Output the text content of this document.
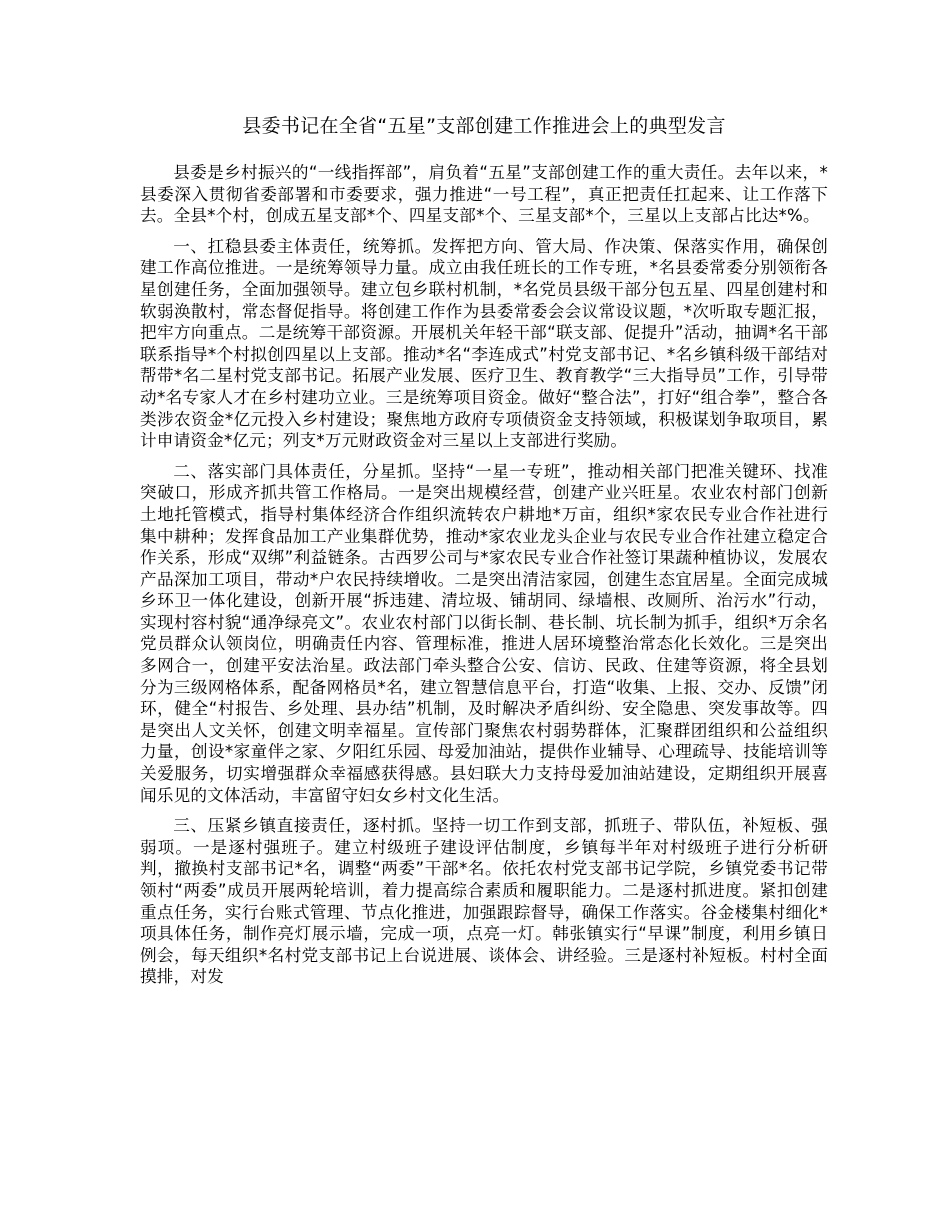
县委书记在全省“五星”支部创建工作推进会上的典型发言

县委是乡村振兴的“一线指挥部”，肩负着“五星”支部创建工作的重大责任。去年以来，*县委深入贯彻省委部署和市委要求，强力推进“一号工程”，真正把责任扛起来、让工作落下去。全县*个村，创成五星支部*个、四星支部*个、三星支部*个，三星以上支部占比达*%。

一、扛稳县委主体责任，统筹抓。发挥把方向、管大局、作决策、保落实作用，确保创建工作高位推进。一是统筹领导力量。成立由我任班长的工作专班，*名县委常委分别领衔各星创建任务，全面加强领导。建立包乡联村机制，*名党员县级干部分包五星、四星创建村和软弱涣散村，常态督促指导。将创建工作作为县委常委会会议常设议题，*次听取专题汇报，把牢方向重点。二是统筹干部资源。开展机关年轻干部“联支部、促提升”活动，抽调*名干部联系指导*个村拟创四星以上支部。推动*名“李连成式”村党支部书记、*名乡镇科级干部结对帮带*名二星村党支部书记。拓展产业发展、医疗卫生、教育教学“三大指导员”工作，引导带动*名专家人才在乡村建功立业。三是统筹项目资金。做好“整合法”，打好“组合拳”，整合各类涉农资金*亿元投入乡村建设；聚焦地方政府专项债资金支持领域，积极谋划争取项目，累计申请资金*亿元；列支*万元财政资金对三星以上支部进行奖励。

二、落实部门具体责任，分星抓。坚持“一星一专班”，推动相关部门把准关键环、找准突破口，形成齐抓共管工作格局。一是突出规模经营，创建产业兴旺星。农业农村部门创新土地托管模式，指导村集体经济合作组织流转农户耕地*万亩，组织*家农民专业合作社进行集中耕种；发挥食品加工产业集群优势，推动*家农业龙头企业与农民专业合作社建立稳定合作关系，形成“双绑”利益链条。古西罗公司与*家农民专业合作社签订果蔬种植协议，发展农产品深加工项目，带动*户农民持续增收。二是突出清洁家园，创建生态宜居星。全面完成城乡环卫一体化建设，创新开展“拆违建、清垃圾、铺胡同、绿墙根、改厕所、治污水”行动，实现村容村貌“通净绿亮文”。农业农村部门以街长制、巷长制、坑长制为抓手，组织*万余名党员群众认领岗位，明确责任内容、管理标准，推进人居环境整治常态化长效化。三是突出多网合一，创建平安法治星。政法部门牵头整合公安、信访、民政、住建等资源，将全县划分为三级网格体系，配备网格员*名，建立智慧信息平台，打造“收集、上报、交办、反馈”闭环，健全“村报告、乡处理、县办结”机制，及时解决矛盾纠纷、安全隐患、突发事故等。四是突出人文关怀，创建文明幸福星。宣传部门聚焦农村弱势群体，汇聚群团组织和公益组织力量，创设*家童伴之家、夕阳红乐园、母爱加油站，提供作业辅导、心理疏导、技能培训等关爱服务，切实增强群众幸福感获得感。县妇联大力支持母爱加油站建设，定期组织开展喜闻乐见的文体活动，丰富留守妇女乡村文化生活。

三、压紧乡镇直接责任，逐村抓。坚持一切工作到支部，抓班子、带队伍，补短板、强弱项。一是逐村强班子。建立村级班子建设评估制度，乡镇每半年对村级班子进行分析研判，撤换村支部书记*名，调整“两委”干部*名。依托农村党支部书记学院，乡镇党委书记带领村“两委”成员开展两轮培训，着力提高综合素质和履职能力。二是逐村抓进度。紧扣创建重点任务，实行台账式管理、节点化推进，加强跟踪督导，确保工作落实。谷金楼集村细化*项具体任务，制作亮灯展示墙，完成一项，点亮一灯。韩张镇实行“早课”制度，利用乡镇日例会，每天组织*名村党支部书记上台说进展、谈体会、讲经验。三是逐村补短板。村村全面摸排，对发
